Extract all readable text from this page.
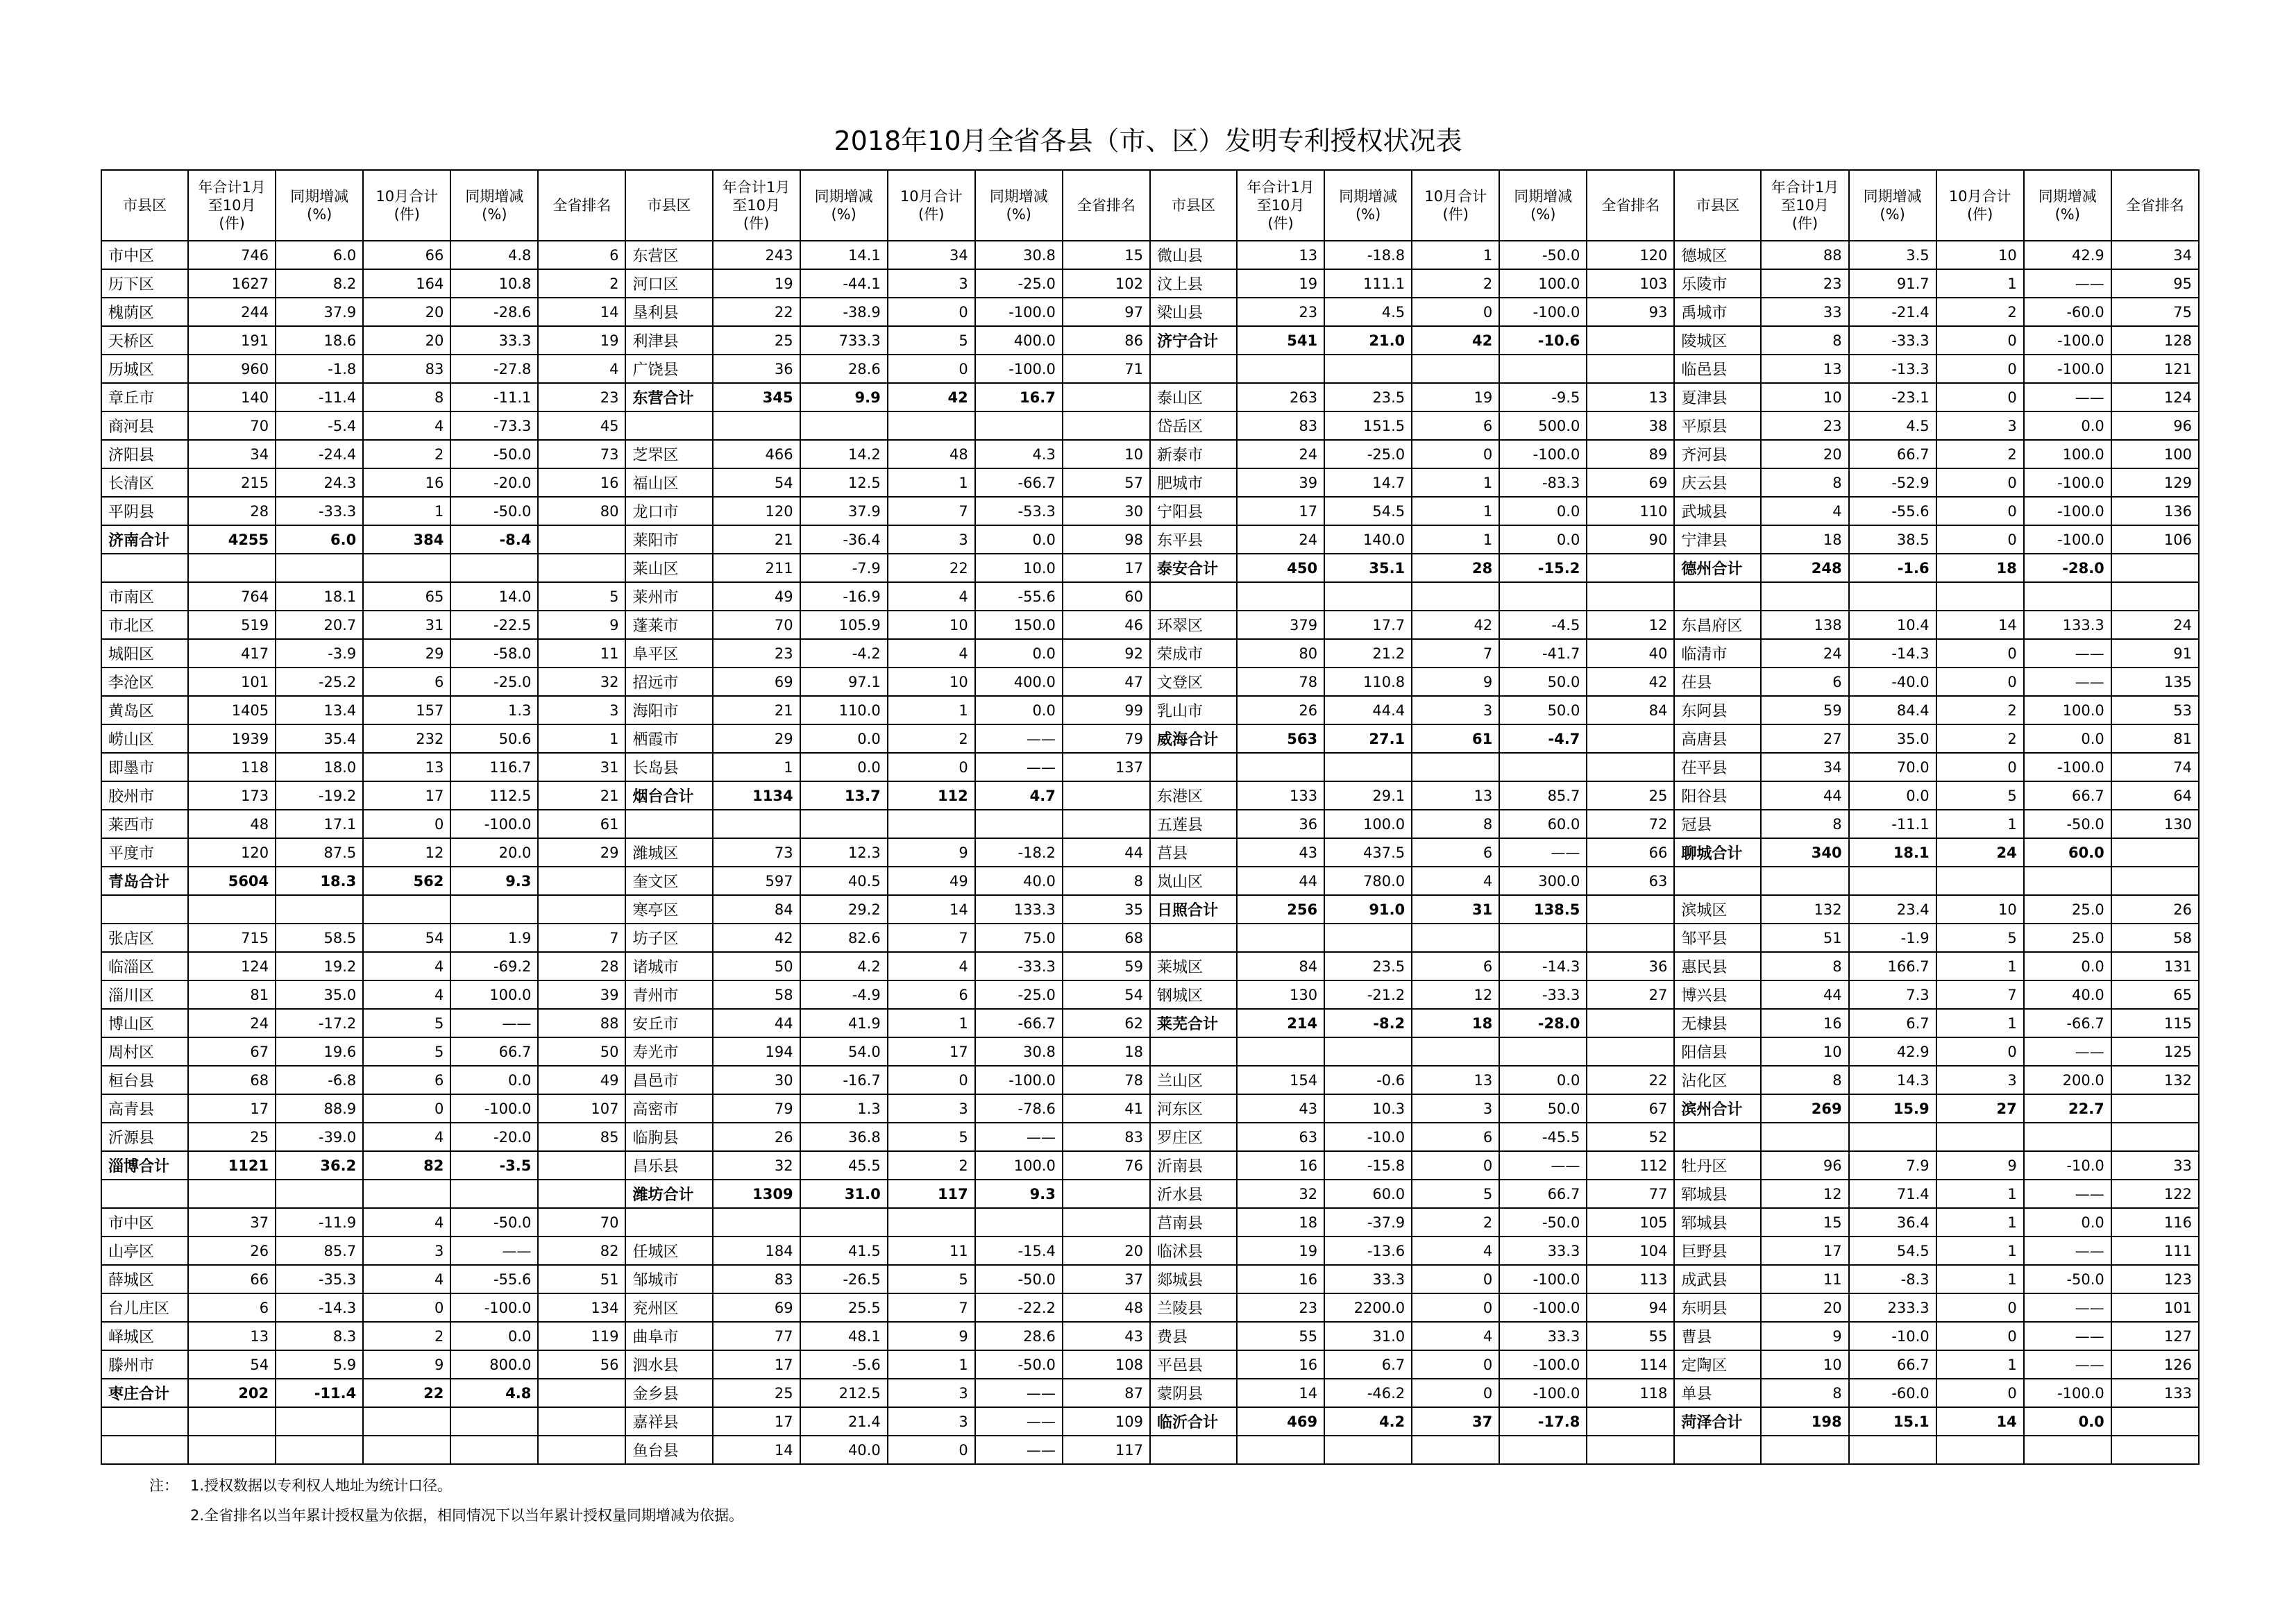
2018年10月全省各县（市、区）发明专利授权状况表
市县区	年合计1月至10月(件)	同期增减(%)	10月合计(件)	同期增减(%)	全省排名	市县区	年合计1月至10月(件)	同期增减(%)	10月合计(件)	同期增减(%)	全省排名	市县区	年合计1月至10月(件)	同期增减(%)	10月合计(件)	同期增减(%)	全省排名	市县区	年合计1月至10月(件)	同期增减(%)	10月合计(件)	同期增减(%)	全省排名
市中区	746	6.0	66	4.8	6	东营区	243	14.1	34	30.8	15	微山县	13	-18.8	1	-50.0	120	德城区	88	3.5	10	42.9	34
历下区	1627	8.2	164	10.8	2	河口区	19	-44.1	3	-25.0	102	汶上县	19	111.1	2	100.0	103	乐陵市	23	91.7	1	——	95
槐荫区	244	37.9	20	-28.6	14	垦利县	22	-38.9	0	-100.0	97	梁山县	23	4.5	0	-100.0	93	禹城市	33	-21.4	2	-60.0	75
天桥区	191	18.6	20	33.3	19	利津县	25	733.3	5	400.0	86	济宁合计	541	21.0	42	-10.6		陵城区	8	-33.3	0	-100.0	128
历城区	960	-1.8	83	-27.8	4	广饶县	36	28.6	0	-100.0	71							临邑县	13	-13.3	0	-100.0	121
章丘市	140	-11.4	8	-11.1	23	东营合计	345	9.9	42	16.7		泰山区	263	23.5	19	-9.5	13	夏津县	10	-23.1	0	——	124
商河县	70	-5.4	4	-73.3	45							岱岳区	83	151.5	6	500.0	38	平原县	23	4.5	3	0.0	96
济阳县	34	-24.4	2	-50.0	73	芝罘区	466	14.2	48	4.3	10	新泰市	24	-25.0	0	-100.0	89	齐河县	20	66.7	2	100.0	100
长清区	215	24.3	16	-20.0	16	福山区	54	12.5	1	-66.7	57	肥城市	39	14.7	1	-83.3	69	庆云县	8	-52.9	0	-100.0	129
平阴县	28	-33.3	1	-50.0	80	龙口市	120	37.9	7	-53.3	30	宁阳县	17	54.5	1	0.0	110	武城县	4	-55.6	0	-100.0	136
济南合计	4255	6.0	384	-8.4		莱阳市	21	-36.4	3	0.0	98	东平县	24	140.0	1	0.0	90	宁津县	18	38.5	0	-100.0	106
						莱山区	211	-7.9	22	10.0	17	泰安合计	450	35.1	28	-15.2		德州合计	248	-1.6	18	-28.0	
市南区	764	18.1	65	14.0	5	莱州市	49	-16.9	4	-55.6	60												
市北区	519	20.7	31	-22.5	9	蓬莱市	70	105.9	10	150.0	46	环翠区	379	17.7	42	-4.5	12	东昌府区	138	10.4	14	133.3	24
城阳区	417	-3.9	29	-58.0	11	阜平区	23	-4.2	4	0.0	92	荣成市	80	21.2	7	-41.7	40	临清市	24	-14.3	0	——	91
李沧区	101	-25.2	6	-25.0	32	招远市	69	97.1	10	400.0	47	文登区	78	110.8	9	50.0	42	茌县	6	-40.0	0	——	135
黄岛区	1405	13.4	157	1.3	3	海阳市	21	110.0	1	0.0	99	乳山市	26	44.4	3	50.0	84	东阿县	59	84.4	2	100.0	53
崂山区	1939	35.4	232	50.6	1	栖霞市	29	0.0	2	——	79	威海合计	563	27.1	61	-4.7		高唐县	27	35.0	2	0.0	81
即墨市	118	18.0	13	116.7	31	长岛县	1	0.0	0	——	137							茌平县	34	70.0	0	-100.0	74
胶州市	173	-19.2	17	112.5	21	烟台合计	1134	13.7	112	4.7		东港区	133	29.1	13	85.7	25	阳谷县	44	0.0	5	66.7	64
莱西市	48	17.1	0	-100.0	61							五莲县	36	100.0	8	60.0	72	冠县	8	-11.1	1	-50.0	130
平度市	120	87.5	12	20.0	29	潍城区	73	12.3	9	-18.2	44	莒县	43	437.5	6	——	66	聊城合计	340	18.1	24	60.0	
青岛合计	5604	18.3	562	9.3		奎文区	597	40.5	49	40.0	8	岚山区	44	780.0	4	300.0	63						
						寒亭区	84	29.2	14	133.3	35	日照合计	256	91.0	31	138.5		滨城区	132	23.4	10	25.0	26
张店区	715	58.5	54	1.9	7	坊子区	42	82.6	7	75.0	68							邹平县	51	-1.9	5	25.0	58
临淄区	124	19.2	4	-69.2	28	诸城市	50	4.2	4	-33.3	59	莱城区	84	23.5	6	-14.3	36	惠民县	8	166.7	1	0.0	131
淄川区	81	35.0	4	100.0	39	青州市	58	-4.9	6	-25.0	54	钢城区	130	-21.2	12	-33.3	27	博兴县	44	7.3	7	40.0	65
博山区	24	-17.2	5	——	88	安丘市	44	41.9	1	-66.7	62	莱芜合计	214	-8.2	18	-28.0		无棣县	16	6.7	1	-66.7	115
周村区	67	19.6	5	66.7	50	寿光市	194	54.0	17	30.8	18							阳信县	10	42.9	0	——	125
桓台县	68	-6.8	6	0.0	49	昌邑市	30	-16.7	0	-100.0	78	兰山区	154	-0.6	13	0.0	22	沾化区	8	14.3	3	200.0	132
高青县	17	88.9	0	-100.0	107	高密市	79	1.3	3	-78.6	41	河东区	43	10.3	3	50.0	67	滨州合计	269	15.9	27	22.7	
沂源县	25	-39.0	4	-20.0	85	临朐县	26	36.8	5	——	83	罗庄区	63	-10.0	6	-45.5	52						
淄博合计	1121	36.2	82	-3.5		昌乐县	32	45.5	2	100.0	76	沂南县	16	-15.8	0	——	112	牡丹区	96	7.9	9	-10.0	33
						潍坊合计	1309	31.0	117	9.3		沂水县	32	60.0	5	66.7	77	郓城县	12	71.4	1	——	122
市中区	37	-11.9	4	-50.0	70							莒南县	18	-37.9	2	-50.0	105	郓城县	15	36.4	1	0.0	116
山亭区	26	85.7	3	——	82	任城区	184	41.5	11	-15.4	20	临沭县	19	-13.6	4	33.3	104	巨野县	17	54.5	1	——	111
薛城区	66	-35.3	4	-55.6	51	邹城市	83	-26.5	5	-50.0	37	郯城县	16	33.3	0	-100.0	113	成武县	11	-8.3	1	-50.0	123
台儿庄区	6	-14.3	0	-100.0	134	兖州区	69	25.5	7	-22.2	48	兰陵县	23	2200.0	0	-100.0	94	东明县	20	233.3	0	——	101
峄城区	13	8.3	2	0.0	119	曲阜市	77	48.1	9	28.6	43	费县	55	31.0	4	33.3	55	曹县	9	-10.0	0	——	127
滕州市	54	5.9	9	800.0	56	泗水县	17	-5.6	1	-50.0	108	平邑县	16	6.7	0	-100.0	114	定陶区	10	66.7	1	——	126
枣庄合计	202	-11.4	22	4.8		金乡县	25	212.5	3	——	87	蒙阴县	14	-46.2	0	-100.0	118	单县	8	-60.0	0	-100.0	133
						嘉祥县	17	21.4	3	——	109	临沂合计	469	4.2	37	-17.8		菏泽合计	198	15.1	14	0.0	
						鱼台县	14	40.0	0	——	117												
注： 1.授权数据以专利权人地址为统计口径。
2.全省排名以当年累计授权量为依据，相同情况下以当年累计授权量同期增减为依据。
